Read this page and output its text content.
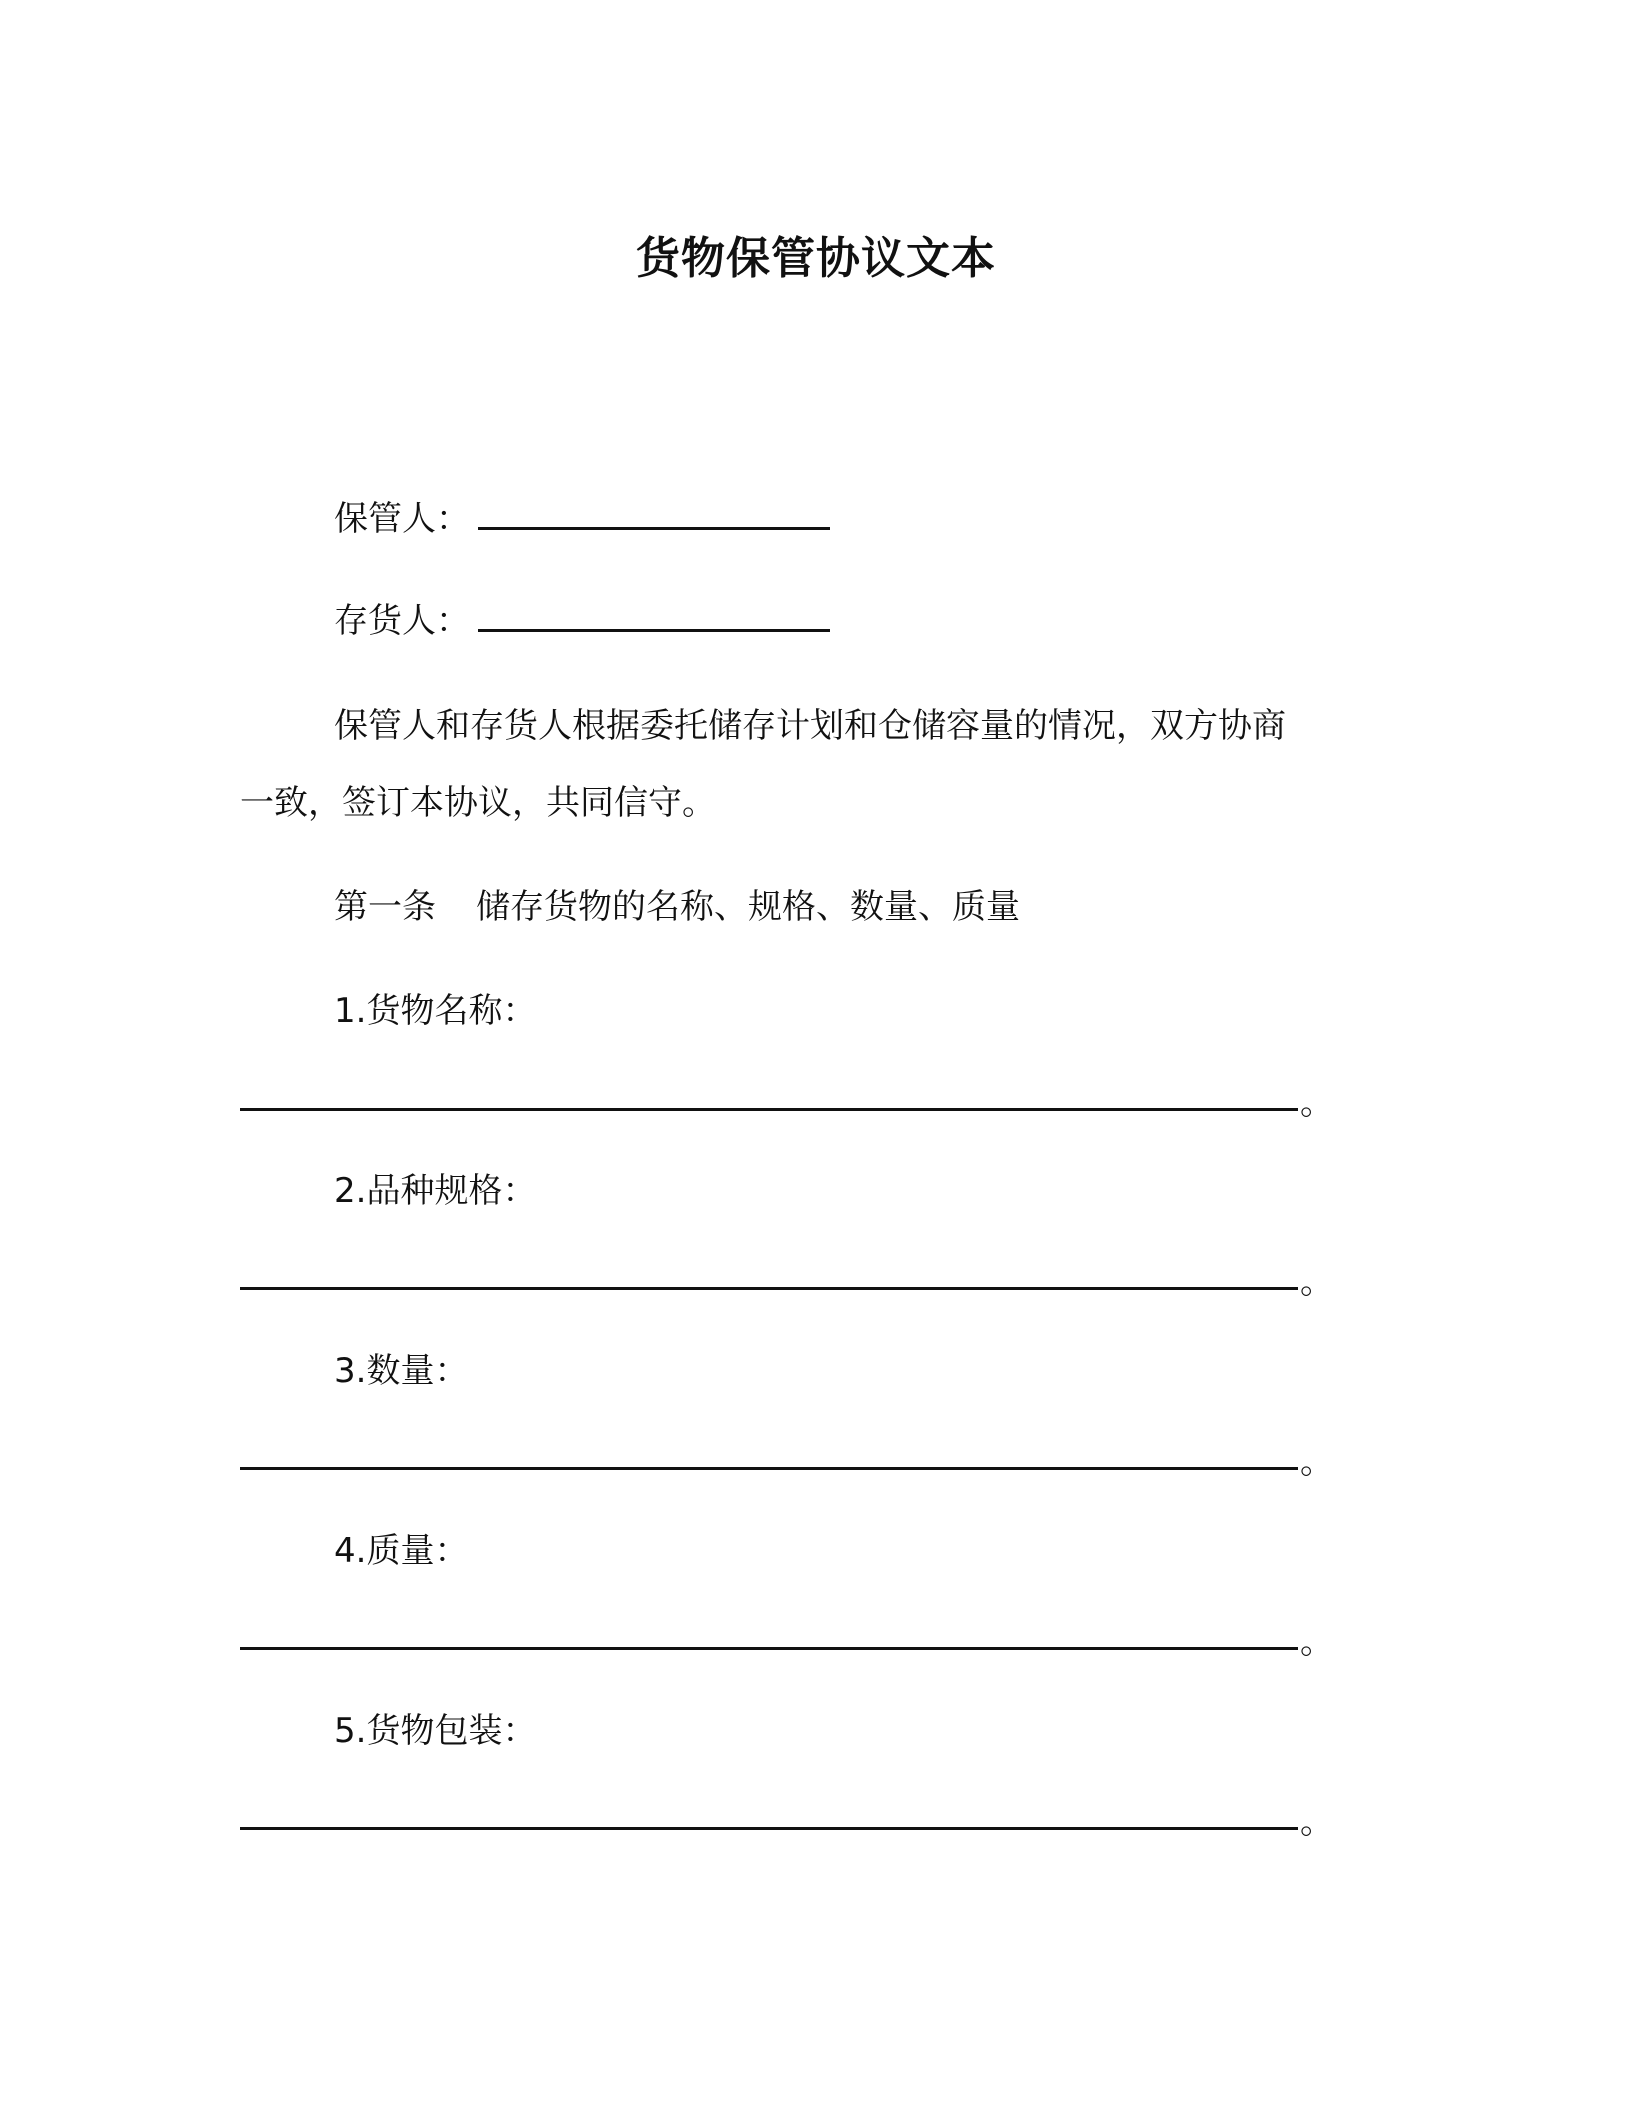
货物保管协议文本
保管人：
存货人：
保管人和存货人根据委托储存计划和仓储容量的情况，双方协商
一致，签订本协议，共同信守。
第一条 储存货物的名称、规格、数量、质量
1.货物名称：
。
2.品种规格：
。
3.数量：
。
4.质量：
。
5.货物包装：
。
